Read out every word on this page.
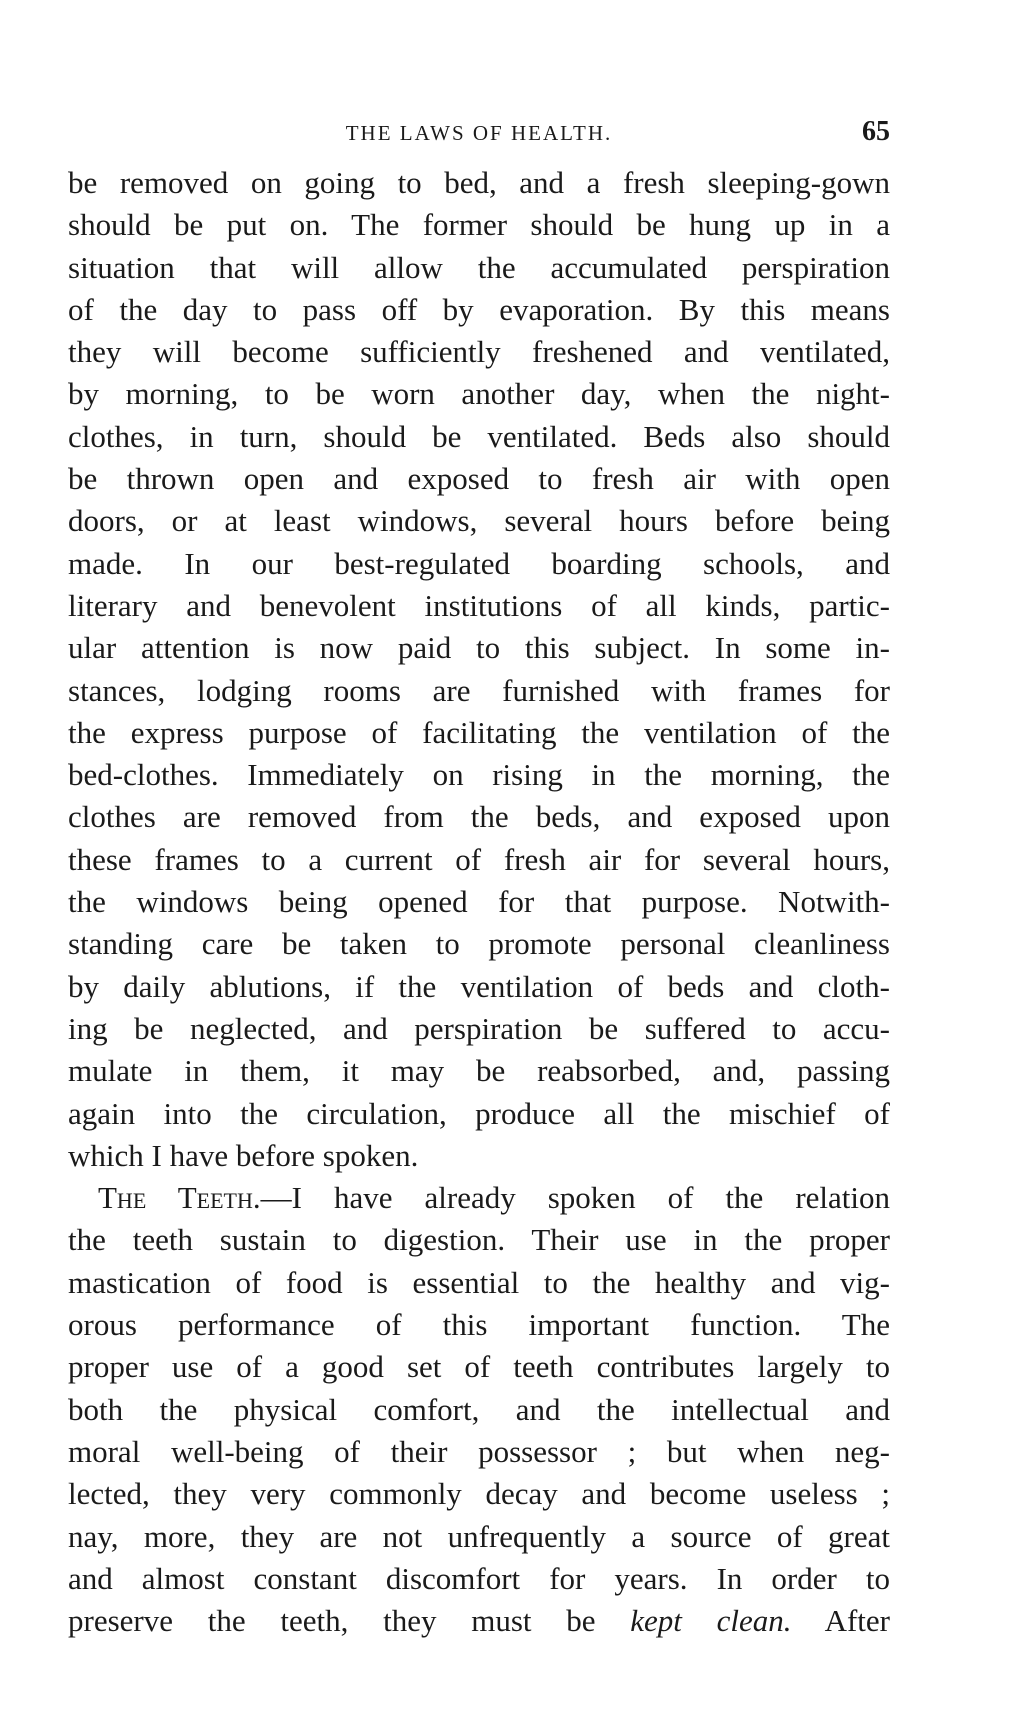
THE LAWS OF HEALTH.	65
be removed on going to bed, and a fresh sleeping-gown
should be put on. The former should be hung up in a
situation that will allow the accumulated perspiration
of the day to pass off by evaporation. By this means
they will become sufficiently freshened and ventilated,
by morning, to be worn another day, when the night-
clothes, in turn, should be ventilated. Beds also should
be thrown open and exposed to fresh air with open
doors, or at least windows, several hours before being
made. In our best-regulated boarding schools, and
literary and benevolent institutions of all kinds, partic-
ular attention is now paid to this subject. In some in-
stances, lodging rooms are furnished with frames for
the express purpose of facilitating the ventilation of the
bed-clothes. Immediately on rising in the morning, the
clothes are removed from the beds, and exposed upon
these frames to a current of fresh air for several hours,
the windows being opened for that purpose. Notwith-
standing care be taken to promote personal cleanliness
by daily ablutions, if the ventilation of beds and cloth-
ing be neglected, and perspiration be suffered to accu-
mulate in them, it may be reabsorbed, and, passing
again into the circulation, produce all the mischief of
which I have before spoken.
The Teeth.—I have already spoken of the relation
the teeth sustain to digestion. Their use in the proper
mastication of food is essential to the healthy and vig-
orous performance of this important function. The
proper use of a good set of teeth contributes largely to
both the physical comfort, and the intellectual and
moral well-being of their possessor ; but when neg-
lected, they very commonly decay and become useless ;
nay, more, they are not unfrequently a source of great
and almost constant discomfort for years. In order to
preserve the teeth, they must be kept clean. After
